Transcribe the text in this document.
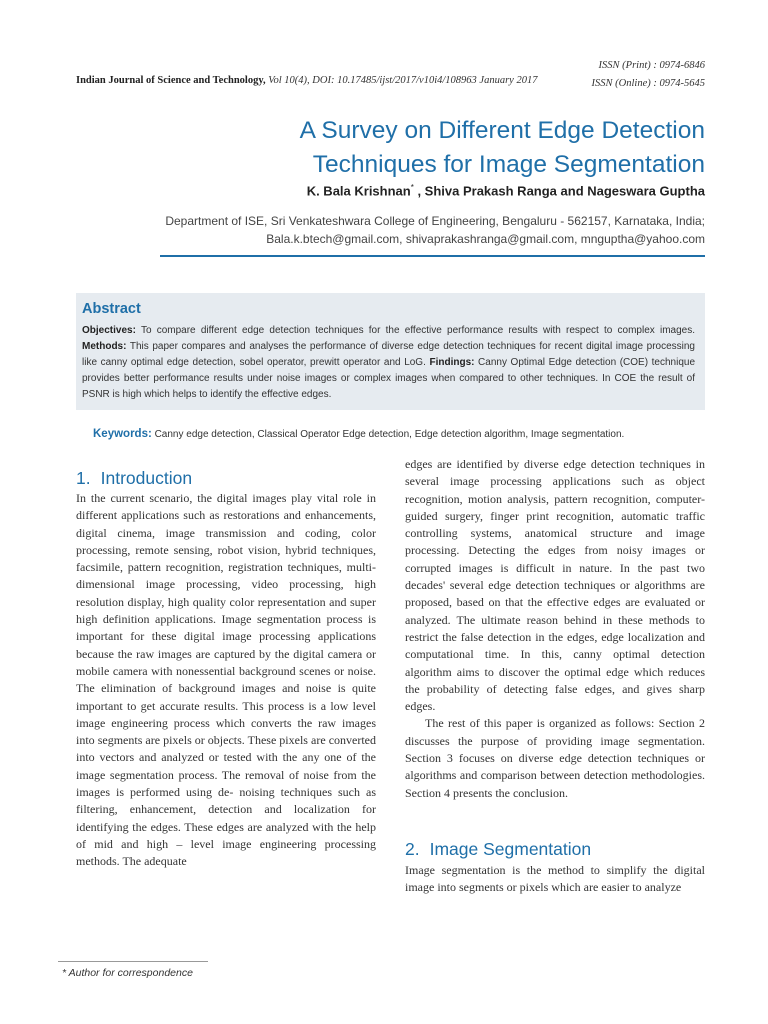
ISSN (Print) : 0974-6846
ISSN (Online) : 0974-5645
Indian Journal of Science and Technology, Vol 10(4), DOI: 10.17485/ijst/2017/v10i4/108963 January 2017
A Survey on Different Edge Detection Techniques for Image Segmentation
K. Bala Krishnan* , Shiva Prakash Ranga and Nageswara Guptha
Department of ISE, Sri Venkateshwara College of Engineering, Bengaluru - 562157, Karnataka, India;
Bala.k.btech@gmail.com, shivaprakashranga@gmail.com, mnguptha@yahoo.com
Abstract
Objectives: To compare different edge detection techniques for the effective performance results with respect to complex images. Methods: This paper compares and analyses the performance of diverse edge detection techniques for recent digital image processing like canny optimal edge detection, sobel operator, prewitt operator and LoG. Findings: Canny Optimal Edge detection (COE) technique provides better performance results under noise images or complex images when compared to other techniques. In COE the result of PSNR is high which helps to identify the effective edges.
Keywords: Canny edge detection, Classical Operator Edge detection, Edge detection algorithm, Image segmentation.
1. Introduction

In the current scenario, the digital images play vital role in different applications such as restorations and enhancements, digital cinema, image transmission and coding, color processing, remote sensing, robot vision, hybrid techniques, facsimile, pattern recognition, registration techniques, multi-dimensional image processing, video processing, high resolution display, high quality color representation and super high definition applications. Image segmentation process is important for these digital image processing applications because the raw images are captured by the digital camera or mobile camera with nonessential background scenes or noise. The elimination of background images and noise is quite important to get accurate results. This process is a low level image engineering process which converts the raw images into segments are pixels or objects. These pixels are converted into vectors and analyzed or tested with the any one of the image segmentation process. The removal of noise from the images is performed using de- noising techniques such as filtering, enhancement, detection and localization for identifying the edges. These edges are analyzed with the help of mid and high – level image engineering processing methods. The adequate

edges are identified by diverse edge detection techniques in several image processing applications such as object recognition, motion analysis, pattern recognition, computer- guided surgery, finger print recognition, automatic traffic controlling systems, anatomical structure and image processing. Detecting the edges from noisy images or corrupted images is difficult in nature. In the past two decades' several edge detection techniques or algorithms are proposed, based on that the effective edges are evaluated or analyzed. The ultimate reason behind in these methods to restrict the false detection in the edges, edge localization and computational time. In this, canny optimal detection algorithm aims to discover the optimal edge which reduces the probability of detecting false edges, and gives sharp edges.

The rest of this paper is organized as follows: Section 2 discusses the purpose of providing image segmentation. Section 3 focuses on diverse edge detection techniques or algorithms and comparison between detection methodologies. Section 4 presents the conclusion.

2. Image Segmentation

Image segmentation is the method to simplify the digital image into segments or pixels which are easier to analyze

* Author for correspondence
